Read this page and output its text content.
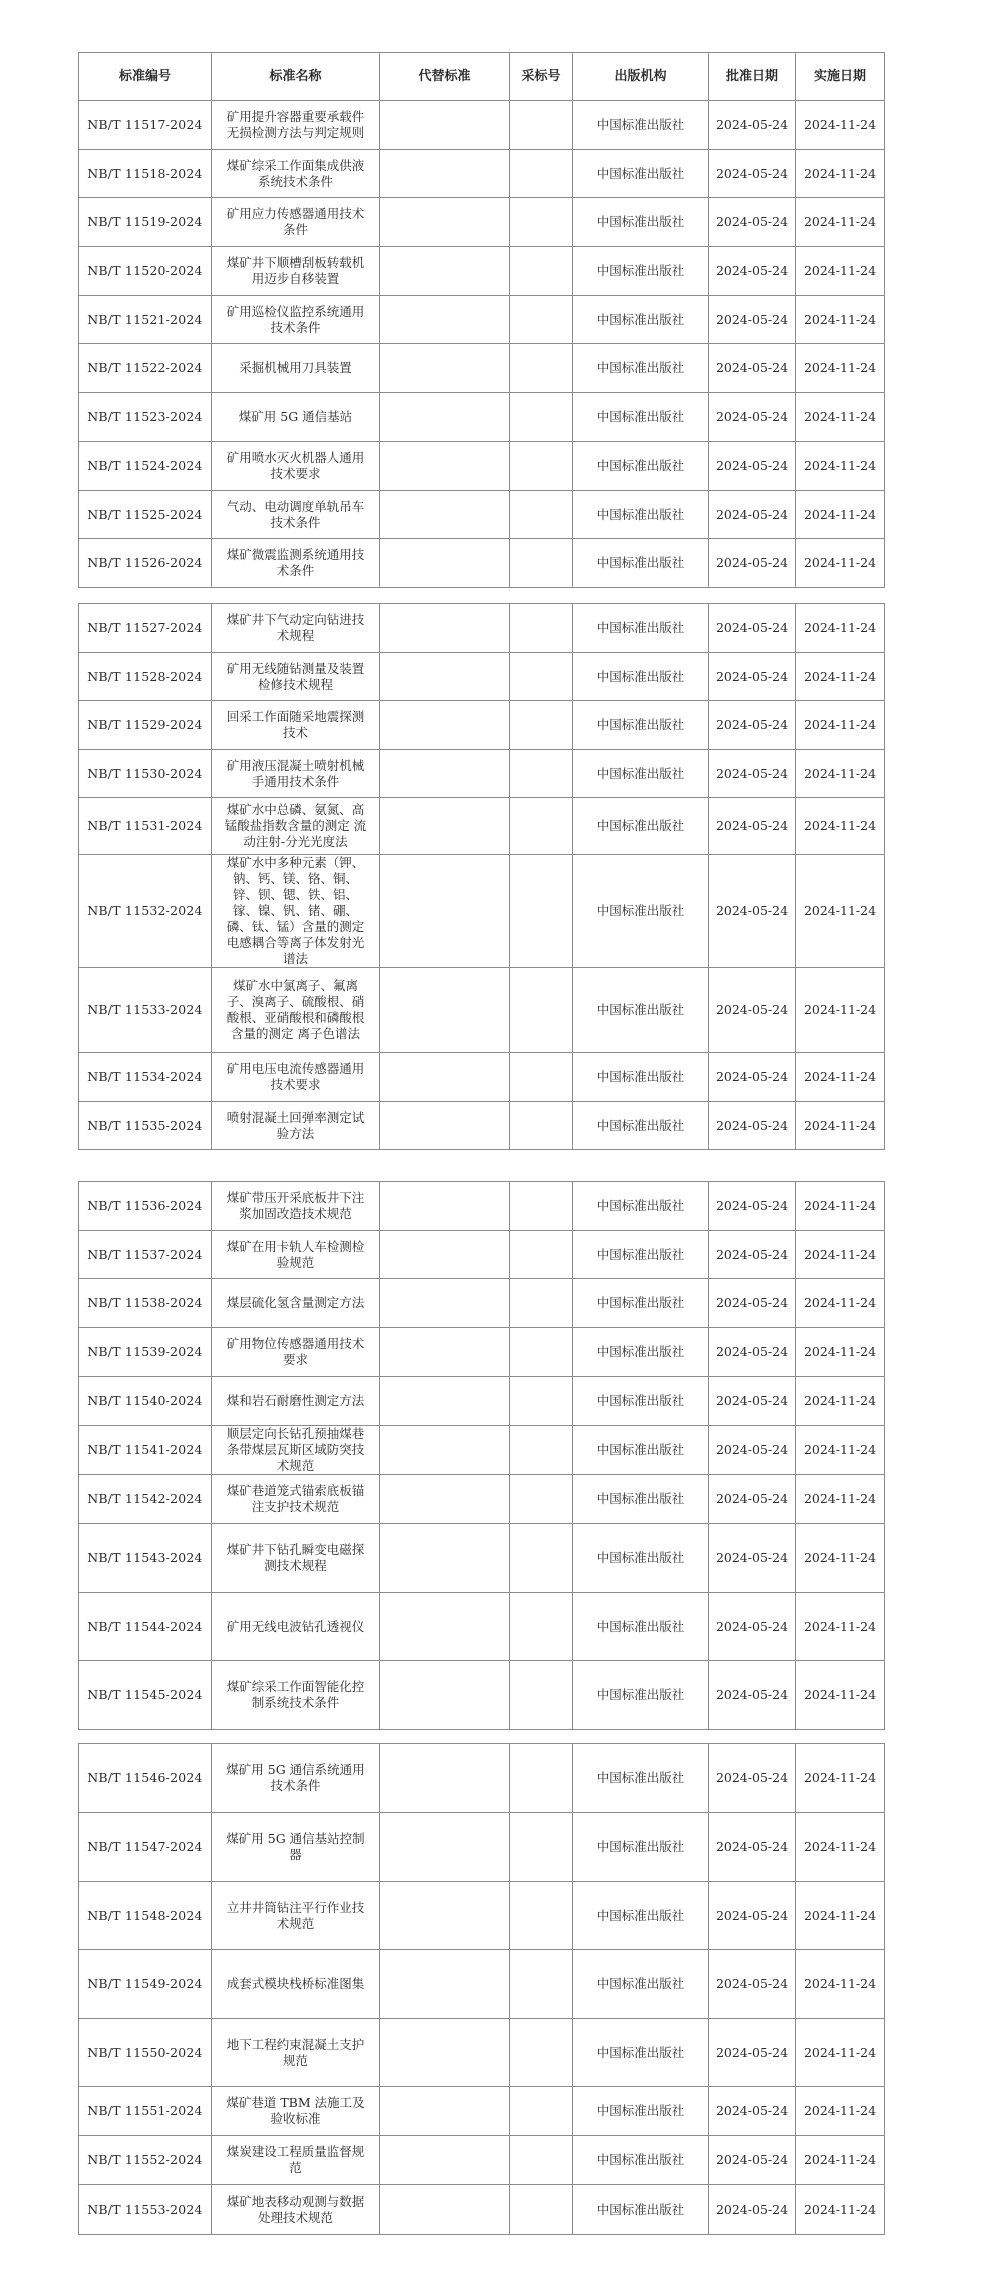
标准编号	标准名称	代替标准	采标号	出版机构	批准日期	实施日期
NB/T 11517-2024	矿用提升容器重要承载件无损检测方法与判定规则			中国标准出版社	2024-05-24	2024-11-24
NB/T 11518-2024	煤矿综采工作面集成供液系统技术条件			中国标准出版社	2024-05-24	2024-11-24
NB/T 11519-2024	矿用应力传感器通用技术条件			中国标准出版社	2024-05-24	2024-11-24
NB/T 11520-2024	煤矿井下顺槽刮板转载机用迈步自移装置			中国标准出版社	2024-05-24	2024-11-24
NB/T 11521-2024	矿用巡检仪监控系统通用技术条件			中国标准出版社	2024-05-24	2024-11-24
NB/T 11522-2024	采掘机械用刀具装置			中国标准出版社	2024-05-24	2024-11-24
NB/T 11523-2024	煤矿用 5G 通信基站			中国标准出版社	2024-05-24	2024-11-24
NB/T 11524-2024	矿用喷水灭火机器人通用技术要求			中国标准出版社	2024-05-24	2024-11-24
NB/T 11525-2024	气动、电动调度单轨吊车技术条件			中国标准出版社	2024-05-24	2024-11-24
NB/T 11526-2024	煤矿微震监测系统通用技术条件			中国标准出版社	2024-05-24	2024-11-24
NB/T 11527-2024	煤矿井下气动定向钻进技术规程			中国标准出版社	2024-05-24	2024-11-24
NB/T 11528-2024	矿用无线随钻测量及装置检修技术规程			中国标准出版社	2024-05-24	2024-11-24
NB/T 11529-2024	回采工作面随采地震探测技术			中国标准出版社	2024-05-24	2024-11-24
NB/T 11530-2024	矿用液压混凝土喷射机械手通用技术条件			中国标准出版社	2024-05-24	2024-11-24
NB/T 11531-2024	煤矿水中总磷、氨氮、高锰酸盐指数含量的测定 流动注射-分光光度法			中国标准出版社	2024-05-24	2024-11-24
NB/T 11532-2024	煤矿水中多种元素（钾、钠、钙、镁、铬、铜、锌、钡、锶、铁、铝、镓、镍、钒、锗、硼、磷、钛、锰）含量的测定 电感耦合等离子体发射光谱法			中国标准出版社	2024-05-24	2024-11-24
NB/T 11533-2024	煤矿水中氯离子、氟离子、溴离子、硫酸根、硝酸根、亚硝酸根和磷酸根含量的测定 离子色谱法			中国标准出版社	2024-05-24	2024-11-24
NB/T 11534-2024	矿用电压电流传感器通用技术要求			中国标准出版社	2024-05-24	2024-11-24
NB/T 11535-2024	喷射混凝土回弹率测定试验方法			中国标准出版社	2024-05-24	2024-11-24
NB/T 11536-2024	煤矿带压开采底板井下注浆加固改造技术规范			中国标准出版社	2024-05-24	2024-11-24
NB/T 11537-2024	煤矿在用卡轨人车检测检验规范			中国标准出版社	2024-05-24	2024-11-24
NB/T 11538-2024	煤层硫化氢含量测定方法			中国标准出版社	2024-05-24	2024-11-24
NB/T 11539-2024	矿用物位传感器通用技术要求			中国标准出版社	2024-05-24	2024-11-24
NB/T 11540-2024	煤和岩石耐磨性测定方法			中国标准出版社	2024-05-24	2024-11-24
NB/T 11541-2024	顺层定向长钻孔预抽煤巷条带煤层瓦斯区域防突技术规范			中国标准出版社	2024-05-24	2024-11-24
NB/T 11542-2024	煤矿巷道笼式锚索底板锚注支护技术规范			中国标准出版社	2024-05-24	2024-11-24
NB/T 11543-2024	煤矿井下钻孔瞬变电磁探测技术规程			中国标准出版社	2024-05-24	2024-11-24
NB/T 11544-2024	矿用无线电波钻孔透视仪			中国标准出版社	2024-05-24	2024-11-24
NB/T 11545-2024	煤矿综采工作面智能化控制系统技术条件			中国标准出版社	2024-05-24	2024-11-24
NB/T 11546-2024	煤矿用 5G 通信系统通用技术条件			中国标准出版社	2024-05-24	2024-11-24
NB/T 11547-2024	煤矿用 5G 通信基站控制器			中国标准出版社	2024-05-24	2024-11-24
NB/T 11548-2024	立井井筒钻注平行作业技术规范			中国标准出版社	2024-05-24	2024-11-24
NB/T 11549-2024	成套式模块栈桥标准图集			中国标准出版社	2024-05-24	2024-11-24
NB/T 11550-2024	地下工程约束混凝土支护规范			中国标准出版社	2024-05-24	2024-11-24
NB/T 11551-2024	煤矿巷道 TBM 法施工及验收标准			中国标准出版社	2024-05-24	2024-11-24
NB/T 11552-2024	煤炭建设工程质量监督规范			中国标准出版社	2024-05-24	2024-11-24
NB/T 11553-2024	煤矿地表移动观测与数据处理技术规范			中国标准出版社	2024-05-24	2024-11-24
